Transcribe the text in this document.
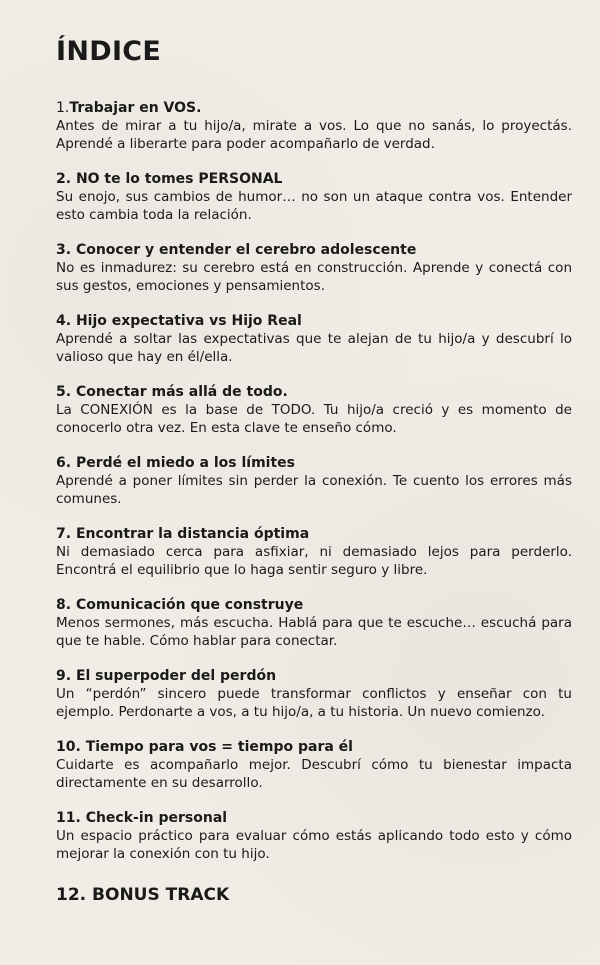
ÍNDICE
1.Trabajar en VOS.
Antes de mirar a tu hijo/a, mirate a vos. Lo que no sanás, lo proyectás. Aprendé a liberarte para poder acompañarlo de verdad.
2. NO te lo tomes PERSONAL
Su enojo, sus cambios de humor… no son un ataque contra vos. Entender esto cambia toda la relación.
3. Conocer y entender el cerebro adolescente
No es inmadurez: su cerebro está en construcción. Aprende y conectá con sus gestos, emociones y pensamientos.
4. Hijo expectativa vs Hijo Real
Aprendé a soltar las expectativas que te alejan de tu hijo/a y descubrí lo valioso que hay en él/ella.
5. Conectar más allá de todo.
La CONEXIÓN es la base de TODO. Tu hijo/a creció y es momento de conocerlo otra vez. En esta clave te enseño cómo.
6. Perdé el miedo a los límites
Aprendé a poner límites sin perder la conexión. Te cuento los errores más comunes.
7. Encontrar la distancia óptima
Ni demasiado cerca para asfixiar, ni demasiado lejos para perderlo. Encontrá el equilibrio que lo haga sentir seguro y libre.
8. Comunicación que construye
Menos sermones, más escucha. Hablá para que te escuche… escuchá para que te hable. Cómo hablar para conectar.
9. El superpoder del perdón
Un “perdón” sincero puede transformar conflictos y enseñar con tu ejemplo. Perdonarte a vos, a tu hijo/a, a tu historia. Un nuevo comienzo.
10. Tiempo para vos = tiempo para él
Cuidarte es acompañarlo mejor. Descubrí cómo tu bienestar impacta directamente en su desarrollo.
11. Check-in personal
Un espacio práctico para evaluar cómo estás aplicando todo esto y cómo mejorar la conexión con tu hijo.
12. BONUS TRACK
